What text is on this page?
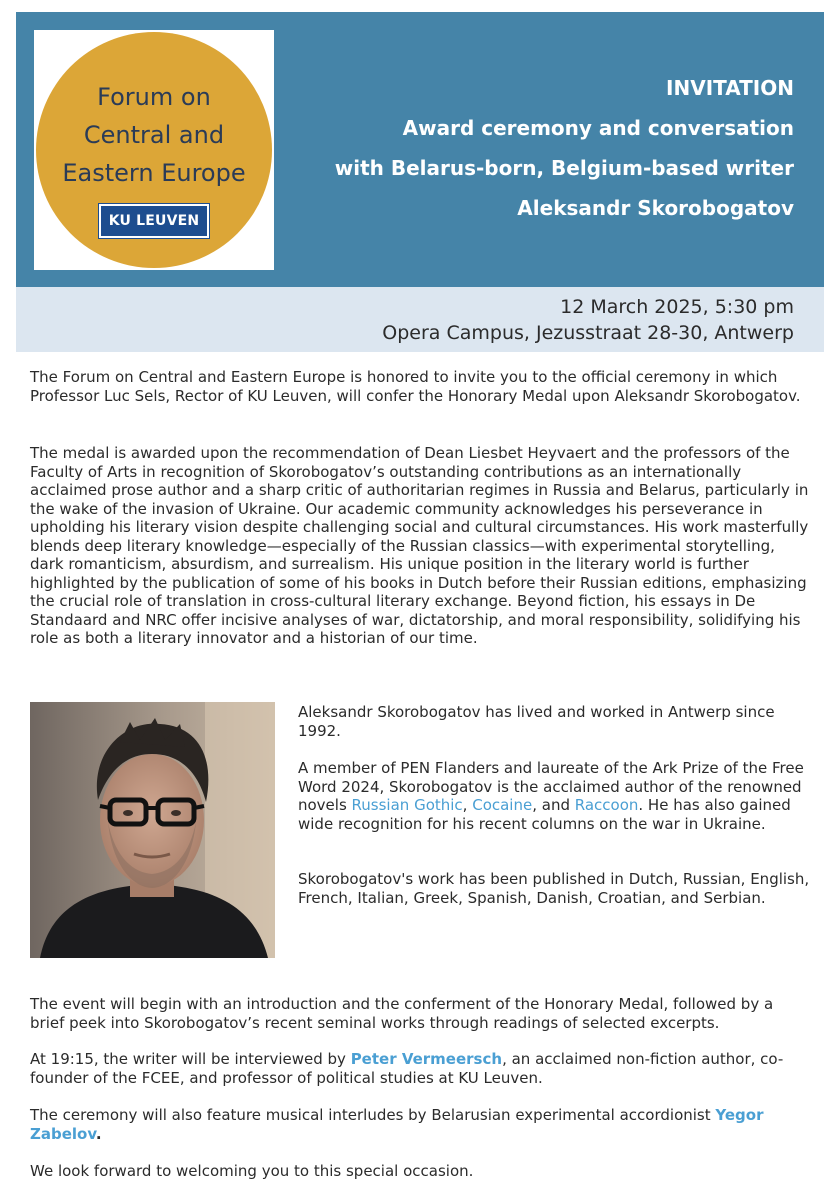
Forum on
Central and
Eastern Europe
KU LEUVEN
INVITATION
Award ceremony and conversation
with Belarus-born, Belgium-based writer
Aleksandr Skorobogatov
12 March 2025, 5:30 pm
Opera Campus, Jezusstraat 28-30, Antwerp

The Forum on Central and Eastern Europe is honored to invite you to the official ceremony in which Professor Luc Sels, Rector of KU Leuven, will confer the Honorary Medal upon Aleksandr Skorobogatov.

The medal is awarded upon the recommendation of Dean Liesbet Heyvaert and the professors of the Faculty of Arts in recognition of Skorobogatov’s outstanding contributions as an internationally acclaimed prose author and a sharp critic of authoritarian regimes in Russia and Belarus, particularly in the wake of the invasion of Ukraine. Our academic community acknowledges his perseverance in upholding his literary vision despite challenging social and cultural circumstances. His work masterfully blends deep literary knowledge—especially of the Russian classics—with experimental storytelling, dark romanticism, absurdism, and surrealism. His unique position in the literary world is further highlighted by the publication of some of his books in Dutch before their Russian editions, emphasizing the crucial role of translation in cross-cultural literary exchange. Beyond fiction, his essays in De Standaard and NRC offer incisive analyses of war, dictatorship, and moral responsibility, solidifying his role as both a literary innovator and a historian of our time.

Aleksandr Skorobogatov has lived and worked in Antwerp since 1992.

A member of PEN Flanders and laureate of the Ark Prize of the Free Word 2024, Skorobogatov is the acclaimed author of the renowned novels Russian Gothic, Cocaine, and Raccoon. He has also gained wide recognition for his recent columns on the war in Ukraine.

Skorobogatov's work has been published in Dutch, Russian, English, French, Italian, Greek, Spanish, Danish, Croatian, and Serbian.

The event will begin with an introduction and the conferment of the Honorary Medal, followed by a brief peek into Skorobogatov’s recent seminal works through readings of selected excerpts.

At 19:15, the writer will be interviewed by Peter Vermeersch, an acclaimed non-fiction author, co-founder of the FCEE, and professor of political studies at KU Leuven.

The ceremony will also feature musical interludes by Belarusian experimental accordionist Yegor Zabelov.

We look forward to welcoming you to this special occasion.
